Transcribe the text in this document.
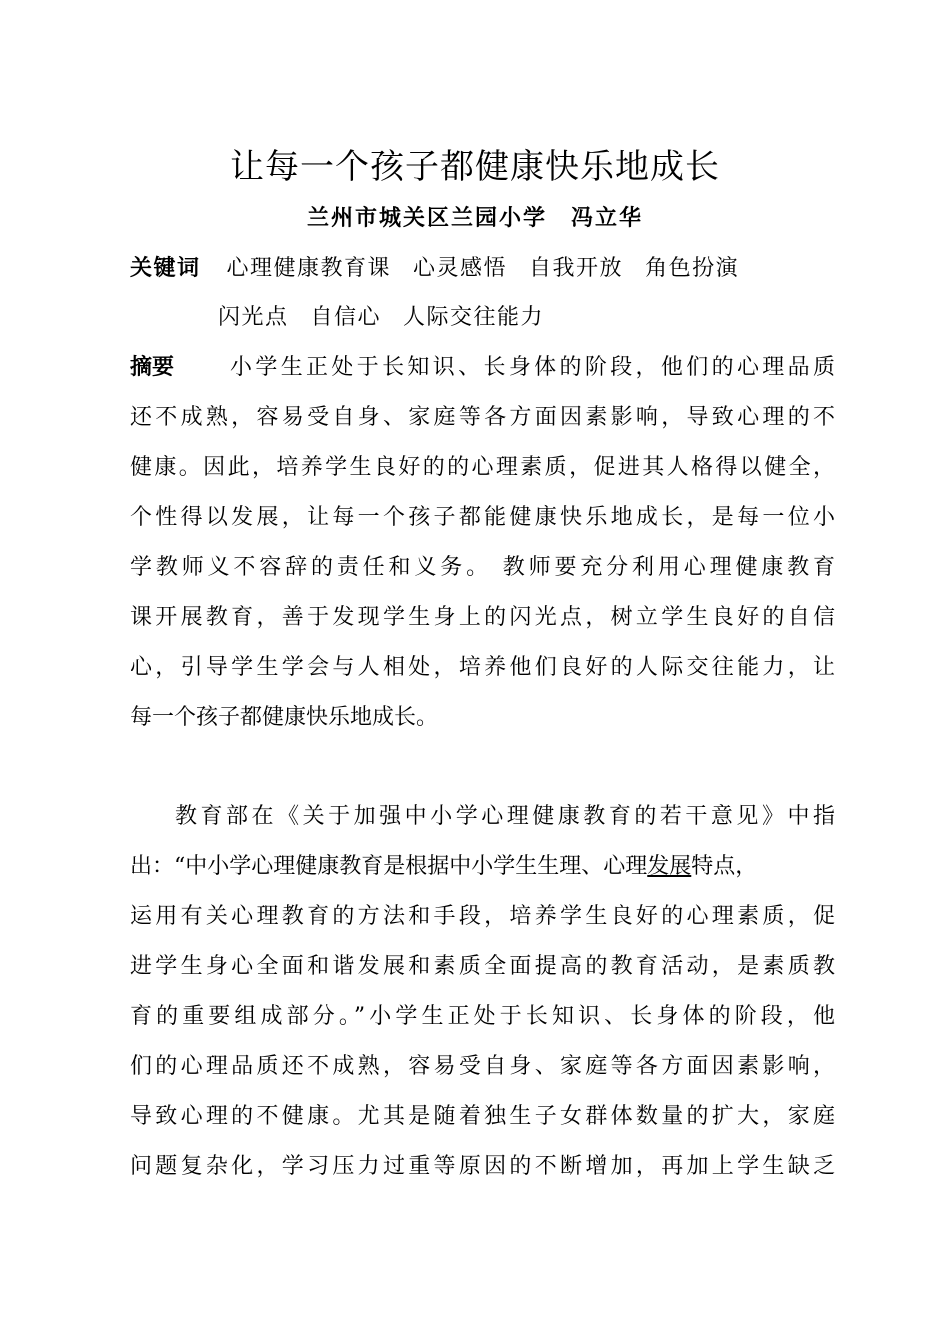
让每一个孩子都健康快乐地成长
兰州市城关区兰园小学　冯立华
关键词 心理健康教育课 心灵感悟 自我开放 角色扮演
闪光点 自信心 人际交往能力
摘要	小学生正处于长知识、长身体的阶段，他们的心理品质
还不成熟，容易受自身、家庭等各方面因素影响，导致心理的不
健康。因此，培养学生良好的的心理素质，促进其人格得以健全，
个性得以发展，让每一个孩子都能健康快乐地成长，是每一位小
学教师义不容辞的责任和义务。 教师要充分利用心理健康教育
课开展教育，善于发现学生身上的闪光点，树立学生良好的自信
心，引导学生学会与人相处，培养他们良好的人际交往能力，让
每一个孩子都健康快乐地成长。
教育部在《关于加强中小学心理健康教育的若干意见》中指
出：“中小学心理健康教育是根据中小学生生理、心理发展特点，
运用有关心理教育的方法和手段，培养学生良好的心理素质，促
进学生身心全面和谐发展和素质全面提高的教育活动，是素质教
育的重要组成部分。”小学生正处于长知识、长身体的阶段，他
们的心理品质还不成熟，容易受自身、家庭等各方面因素影响，
导致心理的不健康。尤其是随着独生子女群体数量的扩大，家庭
问题复杂化，学习压力过重等原因的不断增加，再加上学生缺乏
